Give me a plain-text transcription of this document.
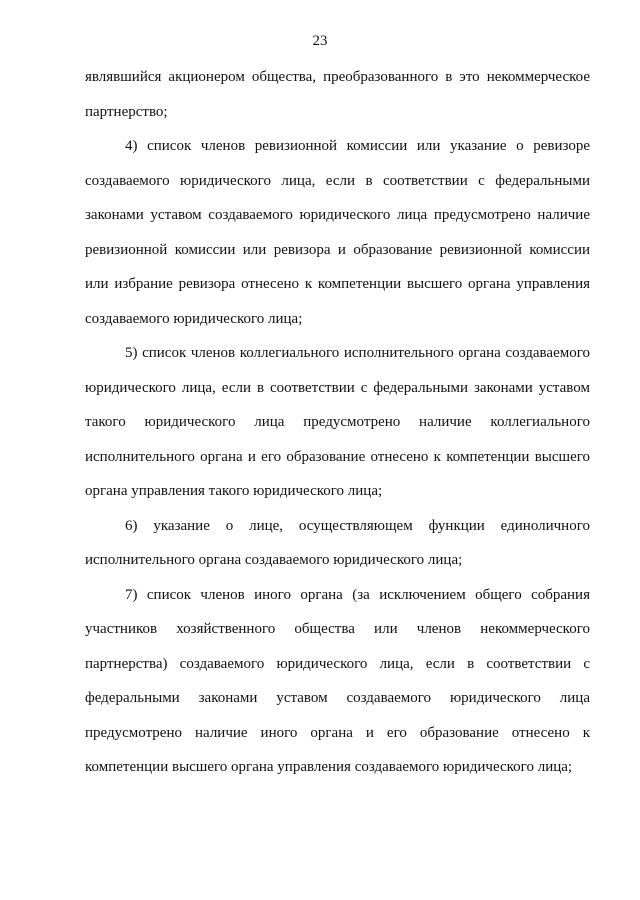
23

являвшийся акционером общества, преобразованного в это некоммерческое
партнерство;

4) список членов ревизионной комиссии или указание о ревизоре
создаваемого юридического лица, если в соответствии с федеральными
законами уставом создаваемого юридического лица предусмотрено наличие
ревизионной комиссии или ревизора и образование ревизионной комиссии
или избрание ревизора отнесено к компетенции высшего органа управления
создаваемого юридического лица;

5) список членов коллегиального исполнительного органа создаваемого
юридического лица, если в соответствии с федеральными законами уставом
такого юридического лица предусмотрено наличие коллегиального
исполнительного органа и его образование отнесено к компетенции высшего
органа управления такого юридического лица;

6) указание о лице, осуществляющем функции единоличного
исполнительного органа создаваемого юридического лица;

7) список членов иного органа (за исключением общего собрания
участников хозяйственного общества или членов некоммерческого
партнерства) создаваемого юридического лица, если в соответствии с
федеральными законами уставом создаваемого юридического лица
предусмотрено наличие иного органа и его образование отнесено к
компетенции высшего органа управления создаваемого юридического лица;
